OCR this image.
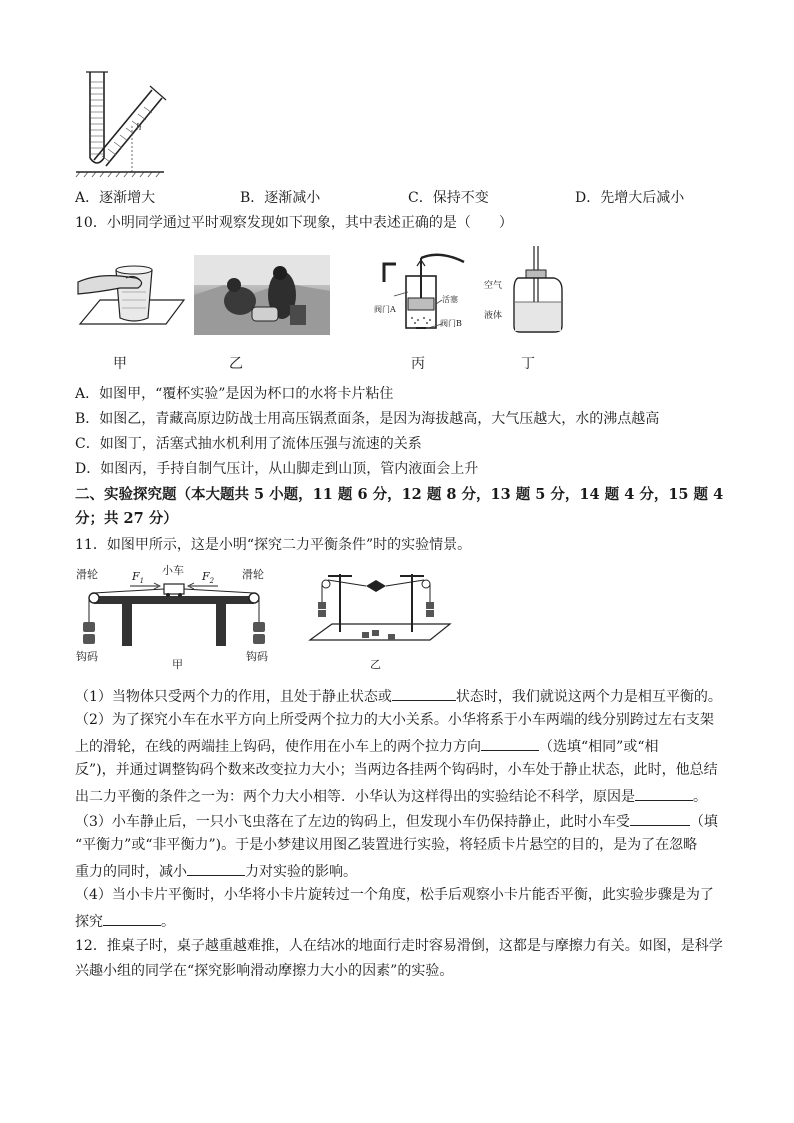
h
A．逐渐增大	B．逐渐减小	C．保持不变	D．先增大后减小
10．小明同学通过平时观察发现如下现象，其中表述正确的是（　　）
甲	乙
活塞
阀门A
阀门B
丙
空气
液体
丁
A．如图甲，“覆杯实验”是因为杯口的水将卡片粘住
B．如图乙，青藏高原边防战士用高压锅煮面条，是因为海拔越高，大气压越大，水的沸点越高
C．如图丁，活塞式抽水机利用了流体压强与流速的关系
D．如图丙，手持自制气压计，从山脚走到山顶，管内液面会上升
二、实验探究题（本大题共 5 小题，11 题 6 分，12 题 8 分，13 题 5 分，14 题 4 分，15 题 4
分；共 27 分）
11．如图甲所示，这是小明“探究二力平衡条件”时的实验情景。
滑轮	滑轮
小车
$F_1$	$F_2$
钩码	钩码
甲	乙
（1）当物体只受两个力的作用，且处于静止状态或	状态时，我们就说这两个力是相互平衡的。
（2）为了探究小车在水平方向上所受两个拉力的大小关系。小华将系于小车两端的线分别跨过左右支架
上的滑轮，在线的两端挂上钩码，使作用在小车上的两个拉力方向	（选填“相同”或“相
反”)，并通过调整钩码个数来改变拉力大小；当两边各挂两个钩码时，小车处于静止状态，此时，他总结
出二力平衡的条件之一为：两个力大小相等．小华认为这样得出的实验结论不科学，原因是	。
（3）小车静止后，一只小飞虫落在了左边的钩码上，但发现小车仍保持静止，此时小车受	（填
“平衡力”或“非平衡力”)。于是小梦建议用图乙装置进行实验，将轻质卡片悬空的目的，是为了在忽略
重力的同时，减小	力对实验的影响。
（4）当小卡片平衡时，小华将小卡片旋转过一个角度，松手后观察小卡片能否平衡，此实验步骤是为了
探究	。
12．推桌子时，桌子越重越难推，人在结冰的地面行走时容易滑倒，这都是与摩擦力有关。如图，是科学
兴趣小组的同学在“探究影响滑动摩擦力大小的因素”的实验。
